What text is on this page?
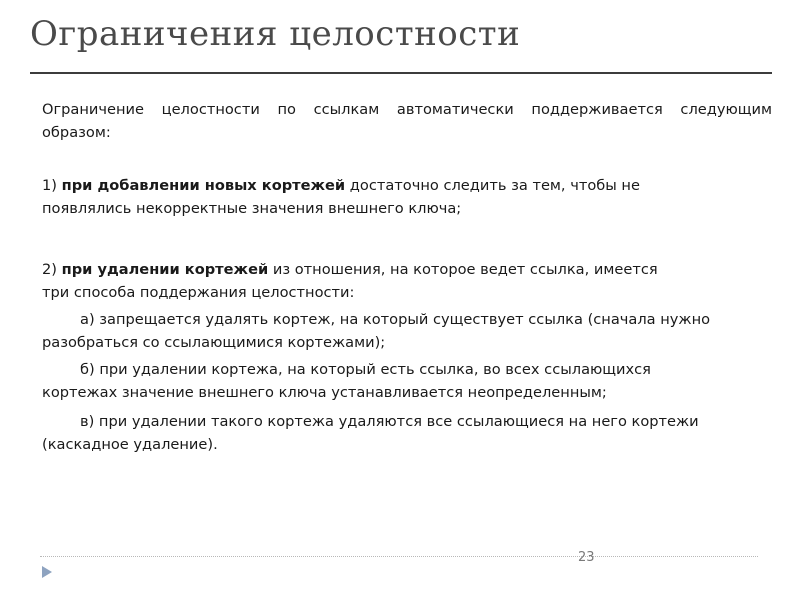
Ограничения целостности
Ограничение целостности по ссылкам автоматически поддерживается следующим
образом:
1) при добавлении новых кортежей достаточно следить за тем, чтобы не
появлялись некорректные значения внешнего ключа;
2) при удалении кортежей из отношения, на которое ведет ссылка, имеется
три способа поддержания целостности:
а) запрещается удалять кортеж, на который существует ссылка (сначала нужно
разобраться со ссылающимися кортежами);
б) при удалении кортежа, на который есть ссылка, во всех ссылающихся
кортежах значение внешнего ключа устанавливается неопределенным;
в) при удалении такого кортежа удаляются все ссылающиеся на него кортежи
(каскадное удаление).
23
